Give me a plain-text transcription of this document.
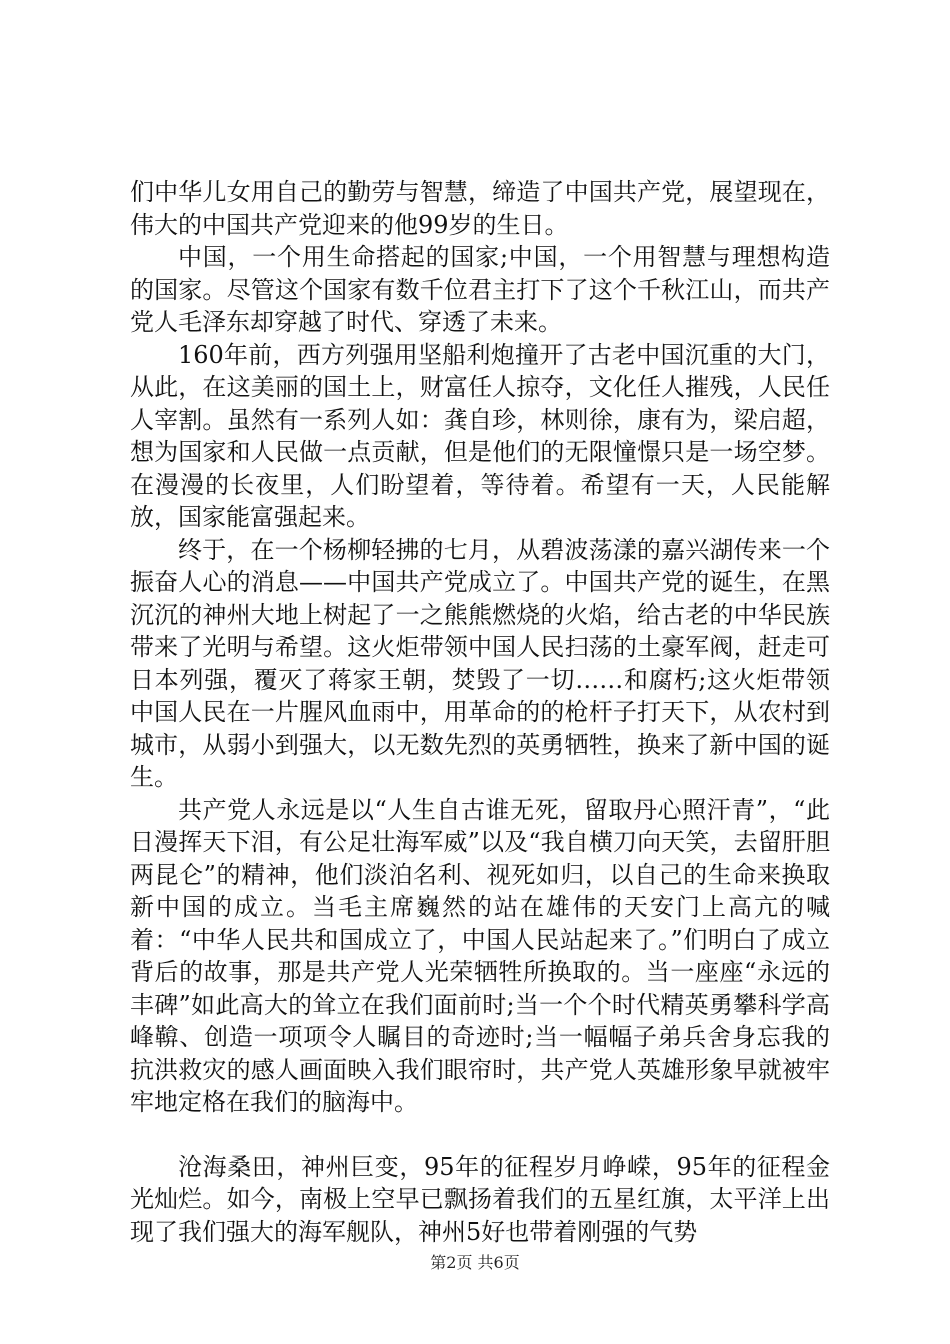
们中华儿女用自己的勤劳与智慧，缔造了中国共产党，展望现在，伟大的中国共产党迎来的他99岁的生日。

中国，一个用生命搭起的国家;中国，一个用智慧与理想构造的国家。尽管这个国家有数千位君主打下了这个千秋江山，而共产党人毛泽东却穿越了时代、穿透了未来。

160年前，西方列强用坚船利炮撞开了古老中国沉重的大门，从此，在这美丽的国土上，财富任人掠夺，文化任人摧残，人民任人宰割。虽然有一系列人如：龚自珍，林则徐，康有为，梁启超，想为国家和人民做一点贡献，但是他们的无限憧憬只是一场空梦。在漫漫的长夜里，人们盼望着，等待着。希望有一天，人民能解放，国家能富强起来。

终于，在一个杨柳轻拂的七月，从碧波荡漾的嘉兴湖传来一个振奋人心的消息——中国共产党成立了。中国共产党的诞生，在黑沉沉的神州大地上树起了一之熊熊燃烧的火焰，给古老的中华民族带来了光明与希望。这火炬带领中国人民扫荡的土豪军阀，赶走可日本列强，覆灭了蒋家王朝，焚毁了一切……和腐朽;这火炬带领中国人民在一片腥风血雨中，用革命的的枪杆子打天下，从农村到城市，从弱小到强大，以无数先烈的英勇牺牲，换来了新中国的诞生。

共产党人永远是以“人生自古谁无死，留取丹心照汗青”，“此日漫挥天下泪，有公足壮海军威”以及“我自横刀向天笑，去留肝胆两昆仑”的精神，他们淡泊名利、视死如归，以自己的生命来换取新中国的成立。当毛主席巍然的站在雄伟的天安门上高亢的喊着：“中华人民共和国成立了，中国人民站起来了。”们明白了成立背后的故事，那是共产党人光荣牺牲所换取的。当一座座“永远的丰碑”如此高大的耸立在我们面前时;当一个个时代精英勇攀科学高峰鞥、创造一项项令人瞩目的奇迹时;当一幅幅子弟兵舍身忘我的抗洪救灾的感人画面映入我们眼帘时，共产党人英雄形象早就被牢牢地定格在我们的脑海中。

沧海桑田，神州巨变，95年的征程岁月峥嵘，95年的征程金光灿烂。如今，南极上空早已飘扬着我们的五星红旗，太平洋上出现了我们强大的海军舰队，神州5好也带着刚强的气势

第2页 共6页
